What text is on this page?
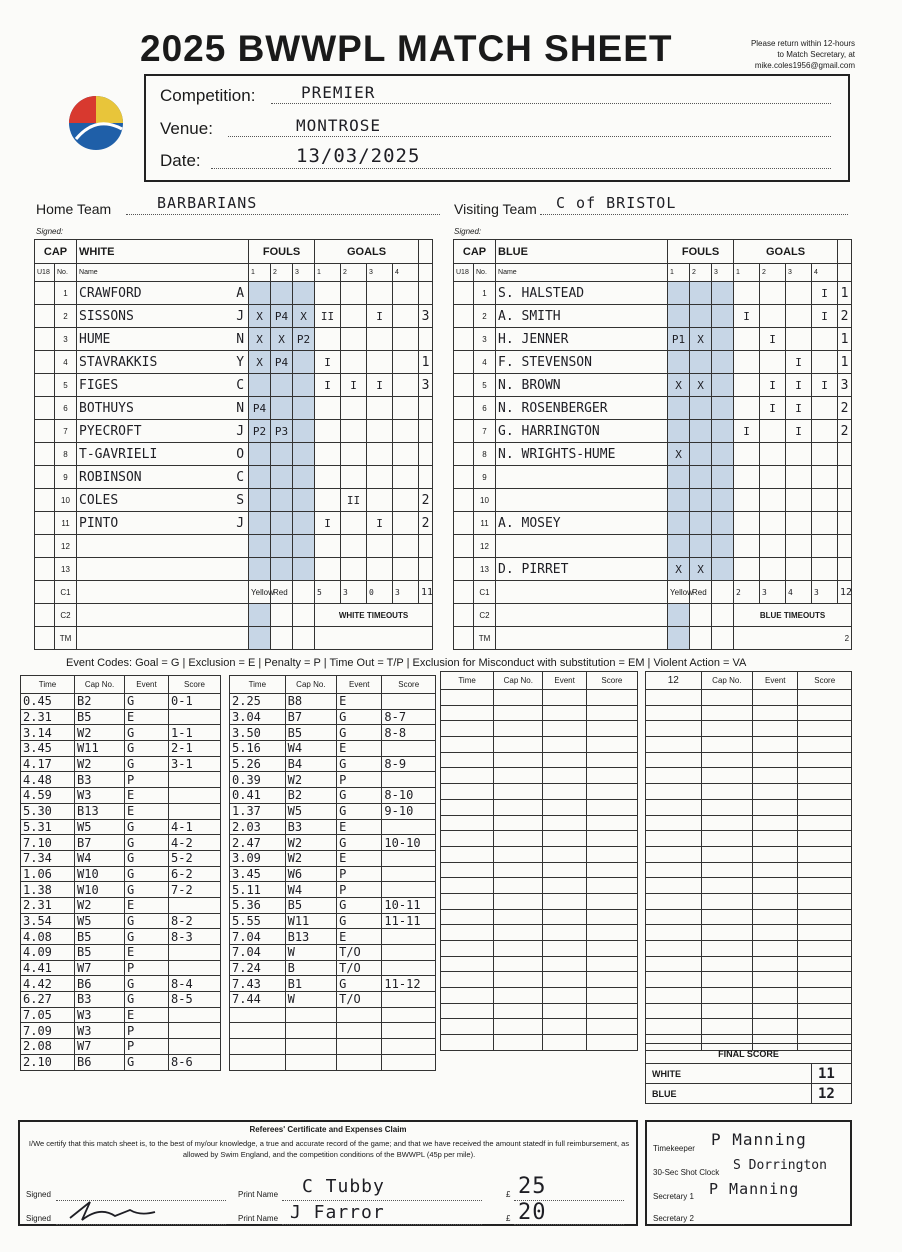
2025 BWWPL MATCH SHEET	Please return within 12-hours
to Match Secretary, at
mike.coles1956@gmail.com
Competition:	PREMIER
Venue:	MONTROSE
Date:	13/03/2025
Home Team	BARBARIANS	Visiting Team C of BRISTOL
Signed:	Signed:
CAP		WHITE	FOULS			GOALS				
U18	No.	Name	1	2	3	1	2	3	4	
	1	CRAWFORD A								

	2	SISSONS J	X	P4	X	II		I		3
	3	HUME N	X	X	P2					
	4	STAVRAKKIS Y	X	P4		I				1
	5	FIGES C				I	I	I		3
	6	BOTHUYS N	P4							
	7	PYECROFT J	P2	P3						
	8	T-GAVRIELI O								

	9	ROBINSON C								

	10	COLES S					II			2
	11	PINTO J				I		I		2
	12	

	13	

	C1		Yellow	Red		5	3	0	3	11
	C2					WHITE TIMEOUTS				
	TM									
CAP		BLUE	FOULS			GOALS				
U18	No.	Name	1	2	3	1	2	3	4	
	1	S. HALSTEAD							I	1
	2	A. SMITH				I			I	2
	3	H. JENNER	P1	X			I			1
	4	F. STEVENSON						I		1
	5	N. BROWN	X	X			I	I	I	3
	6	N. ROSENBERGER					I	I		2
	7	G. HARRINGTON				I		I		2
	8	N. WRIGHTS-HUME	X							
	9									
	10									
	11	A. MOSEY								
	12									
	13	D. PIRRET	X	X						
	C1		Yellow	Red		2	3	4	3	12
	C2					BLUE TIMEOUTS				
	TM					2				
Event Codes: Goal = G | Exclusion = E | Penalty = P | Time Out = T/P | Exclusion for Misconduct with substitution = EM | Violent Action = VA
Time	Cap No.	Event	Score
0.45	B2	G	0-1
2.31	B5	E	
3.14	W2	G	1-1
3.45	W11	G	2-1
4.17	W2	G	3-1
4.48	B3	P	
4.59	W3	E	
5.30	B13	E	
5.31	W5	G	4-1
7.10	B7	G	4-2
7.34	W4	G	5-2
1.06	W10	G	6-2
1.38	W10	G	7-2
2.31	W2	E	
3.54	W5	G	8-2
4.08	B5	G	8-3
4.09	B5	E	
4.41	W7	P	
4.42	B6	G	8-4
6.27	B3	G	8-5
7.05	W3	E	
7.09	W3	P	
2.08	W7	P	
2.10	B6	G	8-6
Time	Cap No.	Event	Score
2.25	B8	E	
3.04	B7	G	8-7
3.50	B5	G	8-8
5.16	W4	E	
5.26	B4	G	8-9
0.39	W2	P	
0.41	B2	G	8-10
1.37	W5	G	9-10
2.03	B3	E	
2.47	W2	G	10-10
3.09	W2	E	
3.45	W6	P	
5.11	W4	P	
5.36	B5	G	10-11
5.55	W11	G	11-11
7.04	B13	E	
7.04	W	T/O	
7.24	B	T/O	
7.43	B1	G	11-12
7.44	W	T/O	

Time	Cap No.	Event	Score

				12	Cap No.	Event	Score

FINAL SCORE	
WHITE	11
BLUE	12
Referees' Certificate and Expenses Claim
I/We certify that this match sheet is, to the best of my/our knowledge, a true and accurate record of the game; and that we have received the amount statedf in full reimbursement, as allowed by Swim England, and the competition conditions of the BWWPL (45p per mile).
Signed
Signed
Print Name
Print Name
C Tubby
J Farror
£
£
25
20
Timekeeper P Manning
30-Sec Shot Clock S Dorrington
Secretary 1 P Manning
Secretary 2
